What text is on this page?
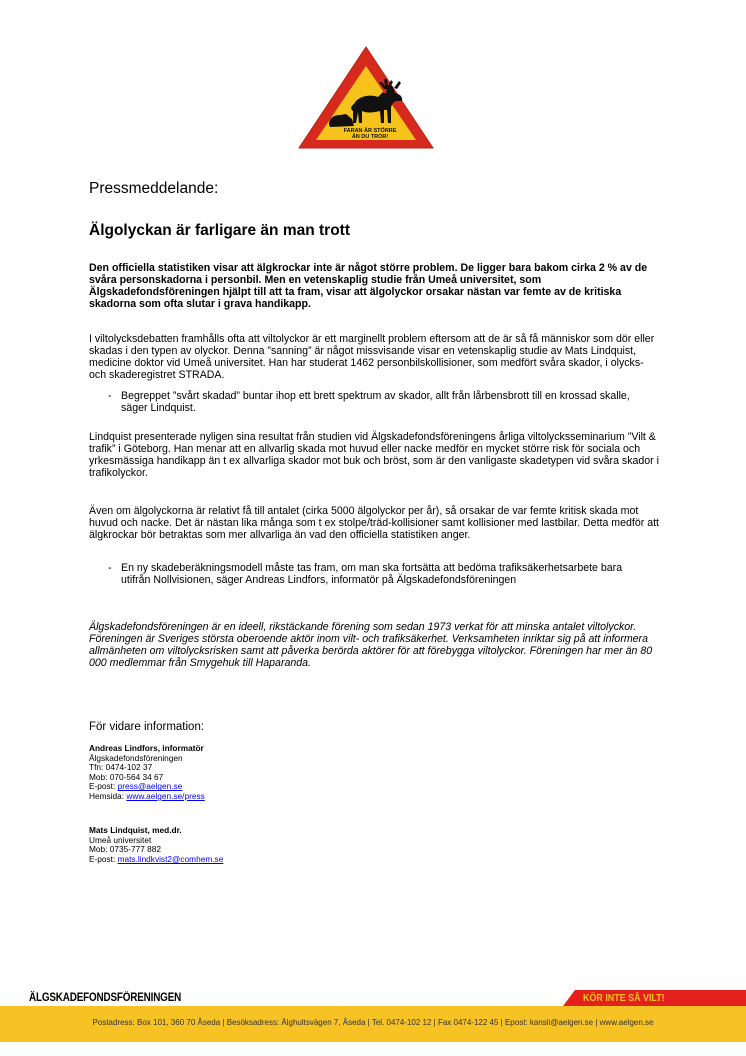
FARAN ÄR STÖRRE
ÄN DU TROR!
Pressmeddelande:
Älgolyckan är farligare än man trott

Den officiella statistiken visar att älgkrockar inte är något större problem. De ligger bara bakom cirka 2 % av de svåra personskadorna i personbil. Men en vetenskaplig studie från Umeå universitet, som Älgskadefondsföreningen hjälpt till att ta fram, visar att älgolyckor orsakar nästan var femte av de kritiska skadorna som ofta slutar i grava handikapp.

I viltolycksdebatten framhålls ofta att viltolyckor är ett marginellt problem eftersom att de är så få människor som dör eller skadas i den typen av olyckor. Denna ”sanning” är något missvisande visar en vetenskaplig studie av Mats Lindquist, medicine doktor vid Umeå universitet. Han har studerat 1462 personbilskollisioner, som medfört svåra skador, i olycks- och skaderegistret STRADA.

- Begreppet ”svårt skadad” buntar ihop ett brett spektrum av skador, allt från lårbensbrott till en krossad skalle, säger Lindquist.

Lindquist presenterade nyligen sina resultat från studien vid Älgskadefondsföreningens årliga viltolycksseminarium ”Vilt & trafik” i Göteborg. Han menar att en allvarlig skada mot huvud eller nacke medför en mycket större risk för sociala och yrkesmässiga handikapp än t ex allvarliga skador mot buk och bröst, som är den vanligaste skadetypen vid svåra skador i trafikolyckor.

Även om älgolyckorna är relativt få till antalet (cirka 5000 älgolyckor per år), så orsakar de var femte kritisk skada mot huvud och nacke. Det är nästan lika många som t ex stolpe/träd-kollisioner samt kollisioner med lastbilar. Detta medför att älgkrockar bör betraktas som mer allvarliga än vad den officiella statistiken anger.

- En ny skadeberäkningsmodell måste tas fram, om man ska fortsätta att bedöma trafiksäkerhetsarbete bara utifrån Nollvisionen, säger Andreas Lindfors, informatör på Älgskadefondsföreningen

Älgskadefondsföreningen är en ideell, rikstäckande förening som sedan 1973 verkat för att minska antalet viltolyckor. Föreningen är Sveriges största oberoende aktör inom vilt- och trafiksäkerhet. Verksamheten inriktar sig på att informera allmänheten om viltolycksrisken samt att påverka berörda aktörer för att förebygga viltolyckor. Föreningen har mer än 80 000 medlemmar från Smygehuk till Haparanda.

För vidare information:
Andreas Lindfors, informatör
Älgskadefondsföreningen
Tfn: 0474-102 37
Mob: 070-564 34 67
E-post: press@aelgen.se
Hemsida: www.aelgen.se/press
Mats Lindquist, med.dr.
Umeå universitet
Mob: 0735-777 882
E-post: mats.lindkvist2@comhem.se
ÄLGSKADEFONDSFÖRENINGEN	KÖR INTE SÅ VILT!
Postadress: Box 101, 360 70 Åseda | Besöksadress: Älghultsvägen 7, Åseda | Tel. 0474-102 12 | Fax 0474-122 45 | Epost: kansli@aelgen.se | www.aelgen.se
